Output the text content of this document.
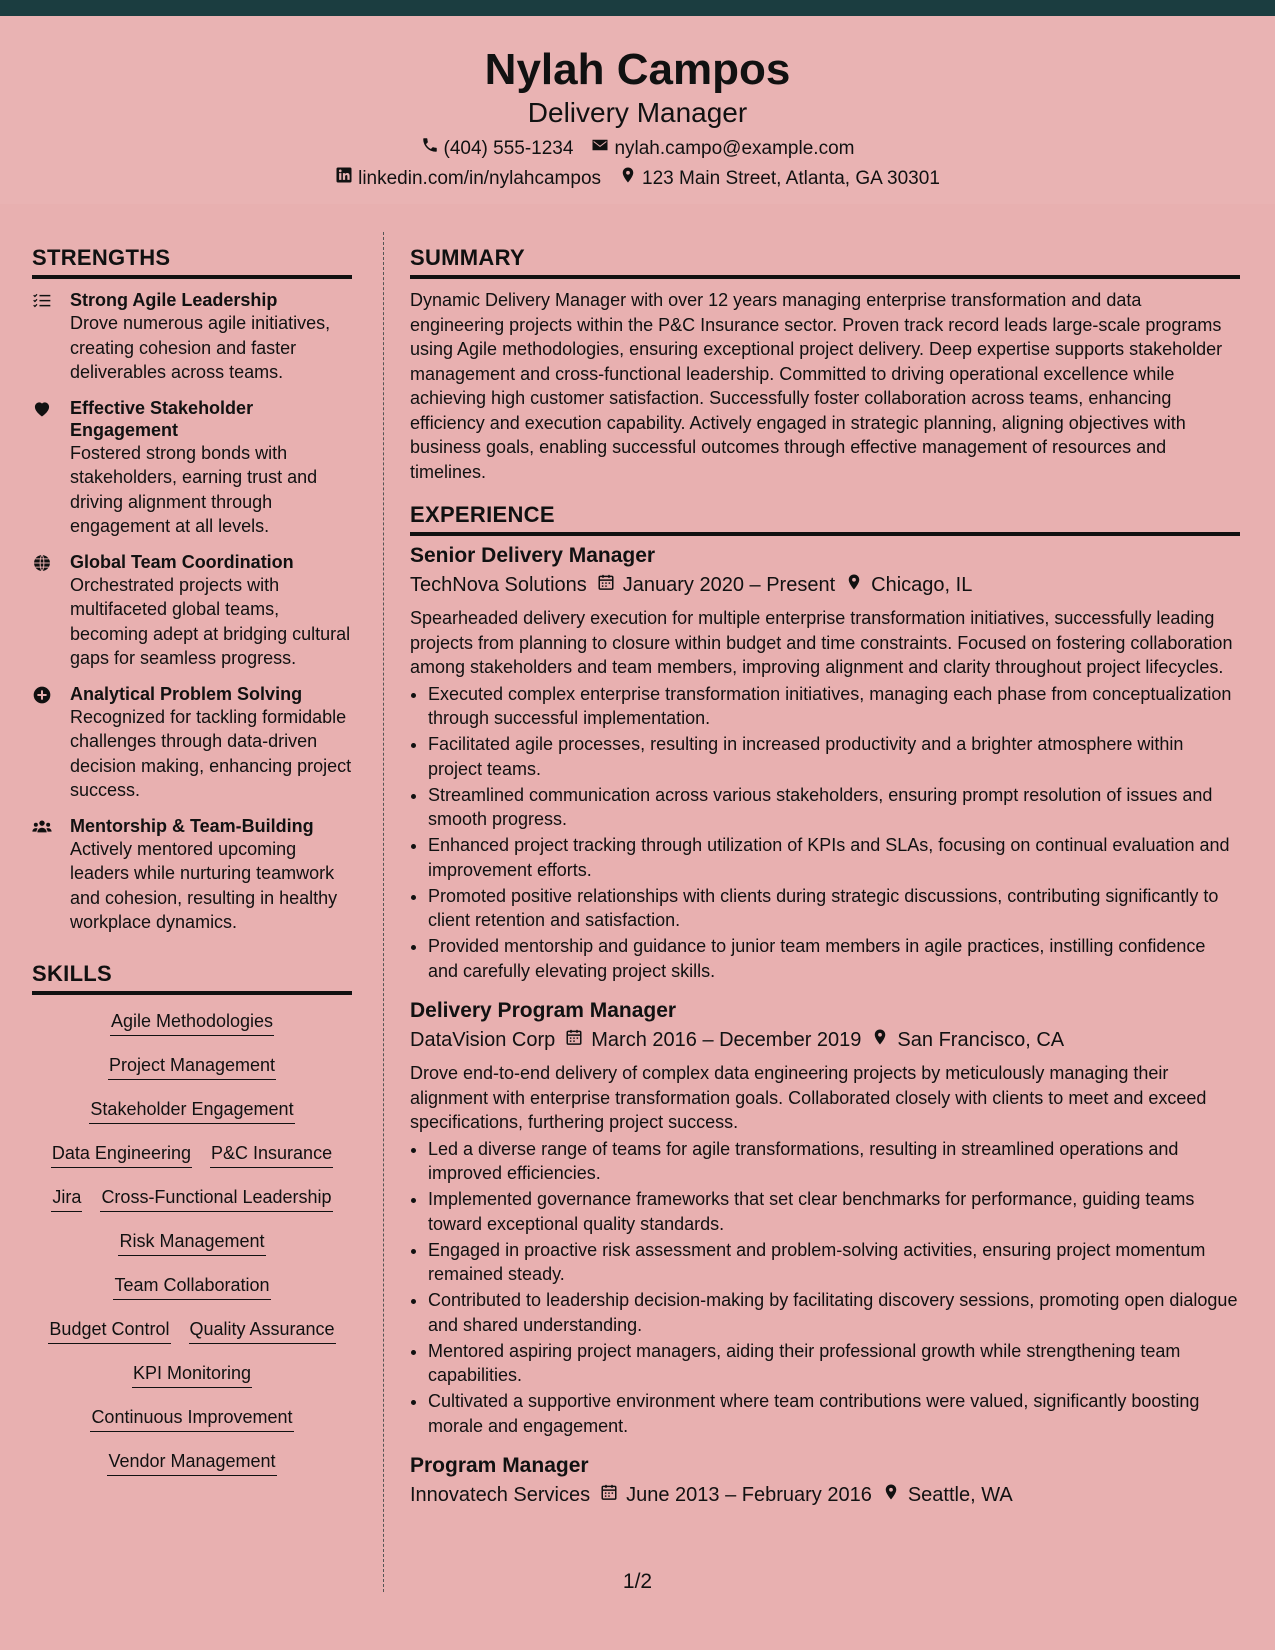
Nylah Campos
Delivery Manager
(404) 555-1234 nylah.campo@example.com
linkedin.com/in/nylahcampos 123 Main Street, Atlanta, GA 30301
STRENGTHS
Strong Agile Leadership
Drove numerous agile initiatives, creating cohesion and faster deliverables across teams.
Effective Stakeholder Engagement
Fostered strong bonds with stakeholders, earning trust and driving alignment through engagement at all levels.
Global Team Coordination
Orchestrated projects with multifaceted global teams, becoming adept at bridging cultural gaps for seamless progress.
Analytical Problem Solving
Recognized for tackling formidable challenges through data-driven decision making, enhancing project success.
Mentorship & Team-Building
Actively mentored upcoming leaders while nurturing teamwork and cohesion, resulting in healthy workplace dynamics.
SKILLS
Agile Methodologies
Project Management
Stakeholder Engagement
Data Engineering P&C Insurance
Jira Cross-Functional Leadership
Risk Management
Team Collaboration
Budget Control Quality Assurance
KPI Monitoring
Continuous Improvement
Vendor Management
SUMMARY
Dynamic Delivery Manager with over 12 years managing enterprise transformation and data engineering projects within the P&C Insurance sector. Proven track record leads large-scale programs using Agile methodologies, ensuring exceptional project delivery. Deep expertise supports stakeholder management and cross-functional leadership. Committed to driving operational excellence while achieving high customer satisfaction. Successfully foster collaboration across teams, enhancing efficiency and execution capability. Actively engaged in strategic planning, aligning objectives with business goals, enabling successful outcomes through effective management of resources and timelines.
EXPERIENCE
Senior Delivery Manager
TechNova Solutions January 2020 – Present Chicago, IL
Spearheaded delivery execution for multiple enterprise transformation initiatives, successfully leading projects from planning to closure within budget and time constraints. Focused on fostering collaboration among stakeholders and team members, improving alignment and clarity throughout project lifecycles.
• Executed complex enterprise transformation initiatives, managing each phase from conceptualization through successful implementation.
• Facilitated agile processes, resulting in increased productivity and a brighter atmosphere within project teams.
• Streamlined communication across various stakeholders, ensuring prompt resolution of issues and smooth progress.
• Enhanced project tracking through utilization of KPIs and SLAs, focusing on continual evaluation and improvement efforts.
• Promoted positive relationships with clients during strategic discussions, contributing significantly to client retention and satisfaction.
• Provided mentorship and guidance to junior team members in agile practices, instilling confidence and carefully elevating project skills.
Delivery Program Manager
DataVision Corp March 2016 – December 2019 San Francisco, CA
Drove end-to-end delivery of complex data engineering projects by meticulously managing their alignment with enterprise transformation goals. Collaborated closely with clients to meet and exceed specifications, furthering project success.
• Led a diverse range of teams for agile transformations, resulting in streamlined operations and improved efficiencies.
• Implemented governance frameworks that set clear benchmarks for performance, guiding teams toward exceptional quality standards.
• Engaged in proactive risk assessment and problem-solving activities, ensuring project momentum remained steady.
• Contributed to leadership decision-making by facilitating discovery sessions, promoting open dialogue and shared understanding.
• Mentored aspiring project managers, aiding their professional growth while strengthening team capabilities.
• Cultivated a supportive environment where team contributions were valued, significantly boosting morale and engagement.
Program Manager
Innovatech Services June 2013 – February 2016 Seattle, WA
1/2
